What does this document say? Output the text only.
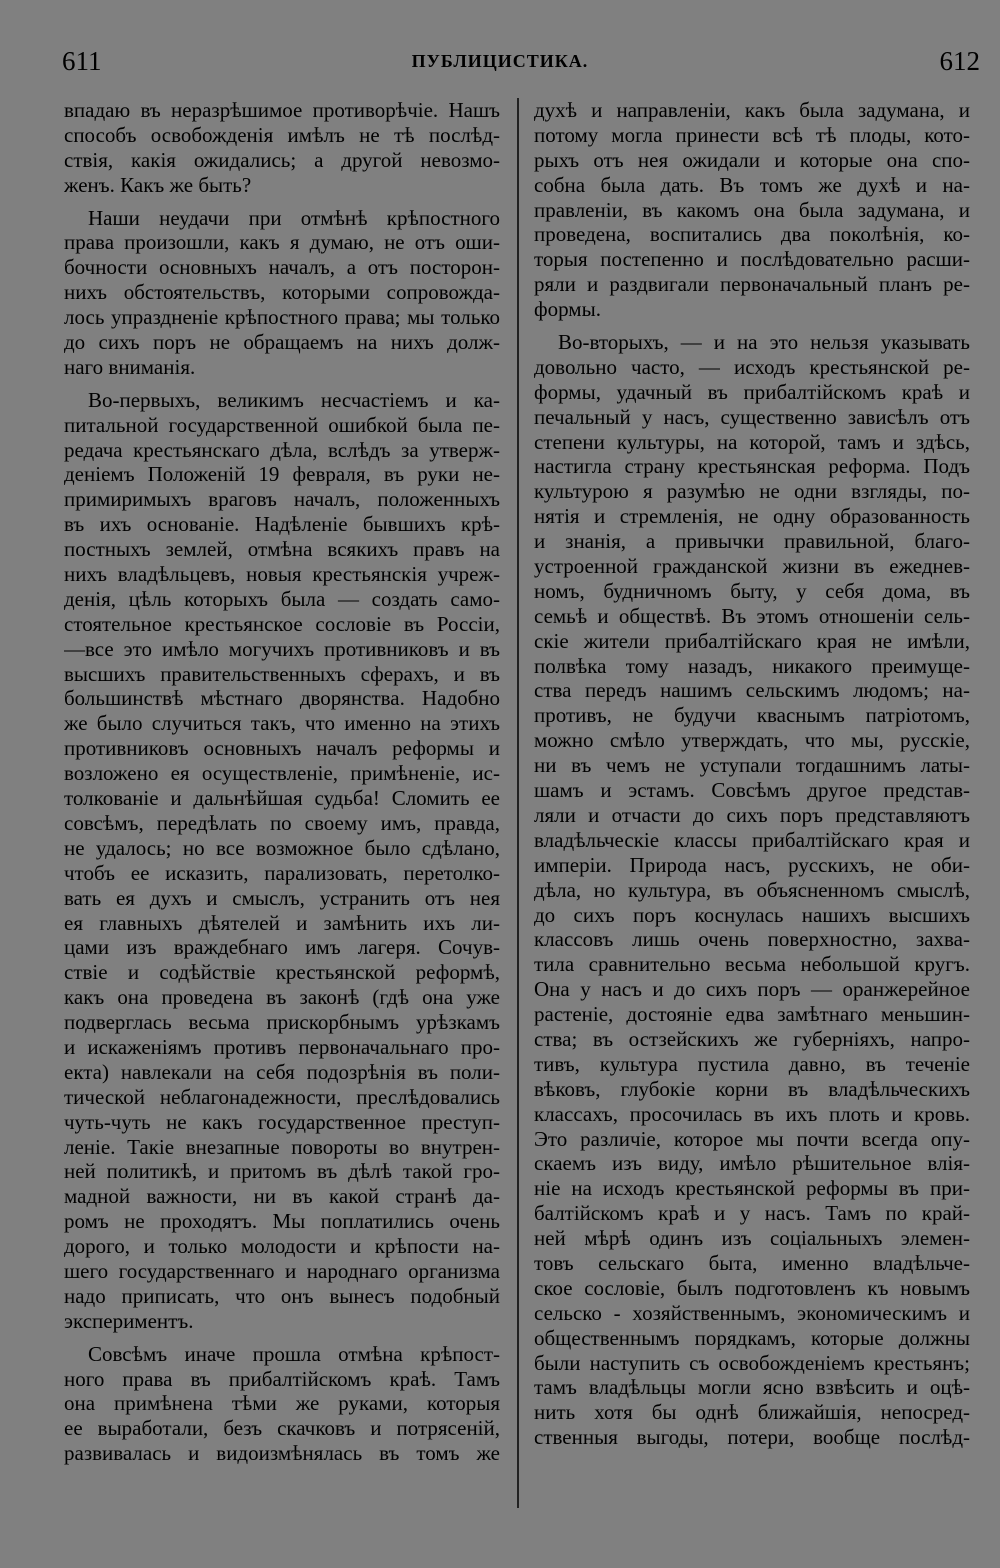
611	ПУБЛИЦИСТИКА.	612
впадаю въ неразрѣшимое противорѣчіе. Нашъ
способъ освобожденія имѣлъ не тѣ послѣд-
ствія, какія ожидались; а другой невозмо-
женъ. Какъ же быть?
Наши неудачи при отмѣнѣ крѣпостного
права произошли, какъ я думаю, не отъ оши-
бочности основныхъ началъ, а отъ посторон-
нихъ обстоятельствъ, которыми сопровожда-
лось упраздненіе крѣпостного права; мы только
до сихъ поръ не обращаемъ на нихъ долж-
наго вниманія.
Во-первыхъ, великимъ несчастіемъ и ка-
питальной государственной ошибкой была пе-
редача крестьянскаго дѣла, вслѣдъ за утверж-
деніемъ Положеній 19 февраля, въ руки не-
примиримыхъ враговъ началъ, положенныхъ
въ ихъ основаніе. Надѣленіе бывшихъ крѣ-
постныхъ землей, отмѣна всякихъ правъ на
нихъ владѣльцевъ, новыя крестьянскія учреж-
денія, цѣль которыхъ была — создать само-
стоятельное крестьянское сословіе въ Россіи,
—все это имѣло могучихъ противниковъ и въ
высшихъ правительственныхъ сферахъ, и въ
большинствѣ мѣстнаго дворянства. Надобно
же было случиться такъ, что именно на этихъ
противниковъ основныхъ началъ реформы и
возложено ея осуществленіе, примѣненіе, ис-
толкованіе и дальнѣйшая судьба! Сломить ее
совсѣмъ, передѣлать по своему имъ, правда,
не удалось; но все возможное было сдѣлано,
чтобъ ее исказить, парализовать, перетолко-
вать ея духъ и смыслъ, устранить отъ нея
ея главныхъ дѣятелей и замѣнить ихъ ли-
цами изъ враждебнаго имъ лагеря. Сочув-
ствіе и содѣйствіе крестьянской реформѣ,
какъ она проведена въ законѣ (гдѣ она уже
подверглась весьма прискорбнымъ урѣзкамъ
и искаженіямъ противъ первоначальнаго про-
екта) навлекали на себя подозрѣнія въ поли-
тической неблагонадежности, преслѣдовались
чуть-чуть не какъ государственное преступ-
леніе. Такіе внезапные повороты во внутрен-
ней политикѣ, и притомъ въ дѣлѣ такой гро-
мадной важности, ни въ какой странѣ да-
ромъ не проходятъ. Мы поплатились очень
дорого, и только молодости и крѣпости на-
шего государственнаго и народнаго организма
надо приписать, что онъ вынесъ подобный
экспериментъ.
Совсѣмъ иначе прошла отмѣна крѣпост-
ного права въ прибалтійскомъ краѣ. Тамъ
она примѣнена тѣми же руками, которыя
ее выработали, безъ скачковъ и потрясеній,
развивалась и видоизмѣнялась въ томъ же
духѣ и направленіи, какъ была задумана, и
потому могла принести всѣ тѣ плоды, кото-
рыхъ отъ нея ожидали и которые она спо-
собна была дать. Въ томъ же духѣ и на-
правленіи, въ какомъ она была задумана, и
проведена, воспитались два поколѣнія, ко-
торыя постепенно и послѣдовательно расши-
ряли и раздвигали первоначальный планъ ре-
формы.
Во-вторыхъ, — и на это нельзя указывать
довольно часто, — исходъ крестьянской ре-
формы, удачный въ прибалтійскомъ краѣ и
печальный у насъ, существенно зависѣлъ отъ
степени культуры, на которой, тамъ и здѣсь,
настигла страну крестьянская реформа. Подъ
культурою я разумѣю не одни взгляды, по-
нятія и стремленія, не одну образованность
и знанія, а привычки правильной, благо-
устроенной гражданской жизни въ ежеднев-
номъ, будничномъ быту, у себя дома, въ
семьѣ и обществѣ. Въ этомъ отношеніи сель-
скіе жители прибалтійскаго края не имѣли,
полвѣка тому назадъ, никакого преимуще-
ства передъ нашимъ сельскимъ людомъ; на-
противъ, не будучи кваснымъ патріотомъ,
можно смѣло утверждать, что мы, русскіе,
ни въ чемъ не уступали тогдашнимъ латы-
шамъ и эстамъ. Совсѣмъ другое представ-
ляли и отчасти до сихъ поръ представляютъ
владѣльческіе классы прибалтійскаго края и
имперіи. Природа насъ, русскихъ, не оби-
дѣла, но культура, въ объясненномъ смыслѣ,
до сихъ поръ коснулась нашихъ высшихъ
классовъ лишь очень поверхностно, захва-
тила сравнительно весьма небольшой кругъ.
Она у насъ и до сихъ поръ — оранжерейное
растеніе, достояніе едва замѣтнаго меньшин-
ства; въ остзейскихъ же губерніяхъ, напро-
тивъ, культура пустила давно, въ теченіе
вѣковъ, глубокіе корни въ владѣльческихъ
классахъ, просочилась въ ихъ плоть и кровь.
Это различіе, которое мы почти всегда опу-
скаемъ изъ виду, имѣло рѣшительное влія-
ніе на исходъ крестьянской реформы въ при-
балтійскомъ краѣ и у насъ. Тамъ по край-
ней мѣрѣ одинъ изъ соціальныхъ элемен-
товъ сельскаго быта, именно владѣльче-
ское сословіе, былъ подготовленъ къ новымъ
сельско - хозяйственнымъ, экономическимъ и
общественнымъ порядкамъ, которые должны
были наступить съ освобожденіемъ крестьянъ;
тамъ владѣльцы могли ясно взвѣсить и оцѣ-
нить хотя бы однѣ ближайшія, непосред-
ственныя выгоды, потери, вообще послѣд-
